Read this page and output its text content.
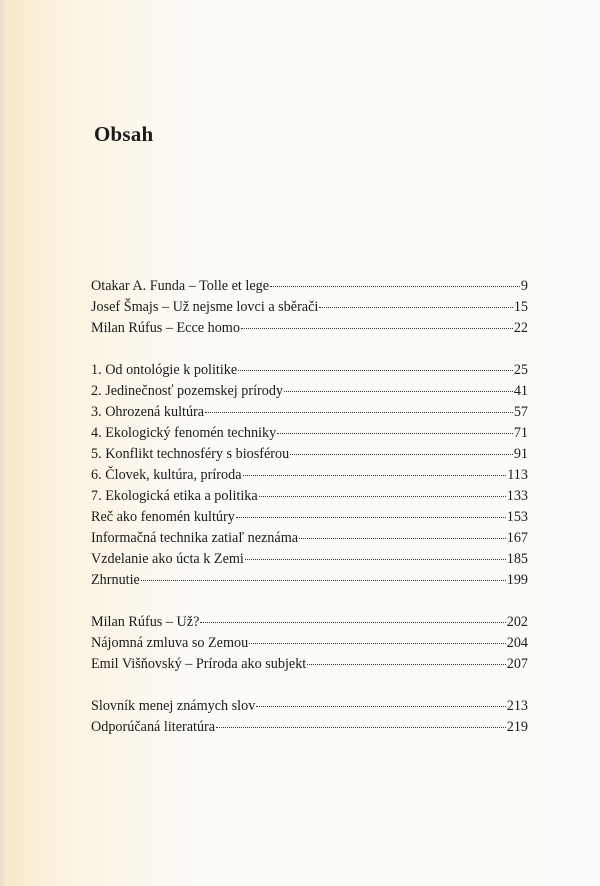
Obsah
Otakar A. Funda – Tolle et lege	9
Josef Šmajs – Už nejsme lovci a sběrači	15
Milan Rúfus – Ecce homo	22
1. Od ontológie k politike	25
2. Jedinečnosť pozemskej prírody	41
3. Ohrozená kultúra	57
4. Ekologický fenomén techniky	71
5. Konflikt technosféry s biosférou	91
6. Človek, kultúra, príroda	113
7. Ekologická etika a politika	133
Reč ako fenomén kultúry	153
Informačná technika zatiaľ neznáma	167
Vzdelanie ako úcta k Zemi	185
Zhrnutie	199
Milan Rúfus – Už?	202
Nájomná zmluva so Zemou	204
Emil Višňovský – Príroda ako subjekt	207
Slovník menej známych slov	213
Odporúčaná literatúra	219
